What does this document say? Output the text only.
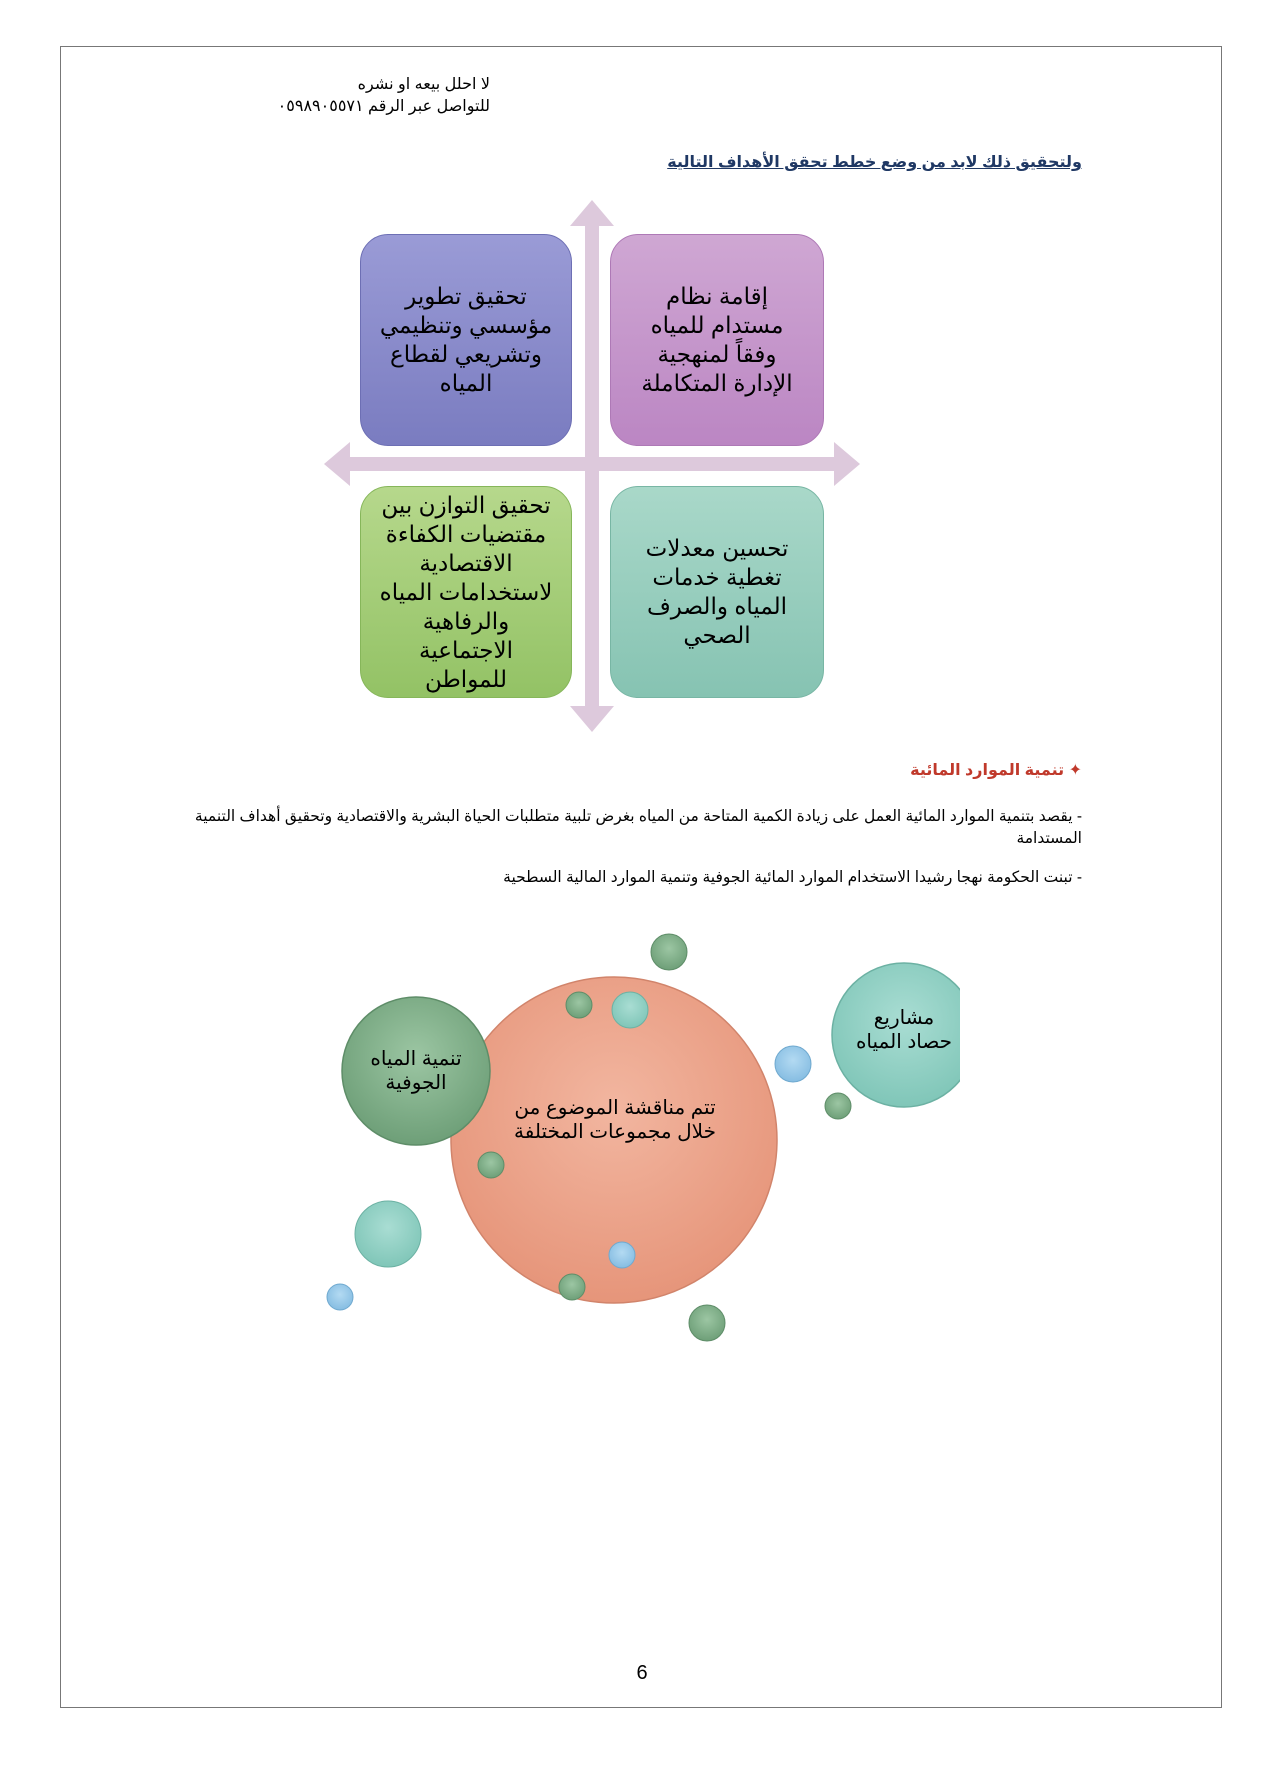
لا احلل بيعه او نشره
للتواصل عبر الرقم ٠٥٩٨٩٠٥٥٧١
ولتحقيق ذلك لابد من وضع خطط تحقق الأهداف التالية
تحقيق تطوير مؤسسي وتنظيمي وتشريعي لقطاع المياه
إقامة نظام مستدام للمياه وفقاً لمنهجية الإدارة المتكاملة
تحقيق التوازن بين مقتضيات الكفاءة الاقتصادية لاستخدامات المياه والرفاهية الاجتماعية للمواطن
تحسين معدلات تغطية خدمات المياه والصرف الصحي
✦ تنمية الموارد المائية
- يقصد بتنمية الموارد المائية العمل على زيادة الكمية المتاحة من المياه بغرض تلبية متطلبات الحياة البشرية والاقتصادية وتحقيق أهداف التنمية المستدامة
- تبنت الحكومة نهجا رشيدا الاستخدام الموارد المائية الجوفية وتنمية الموارد المالية السطحية
تتم مناقشة الموضوع من خلال مجموعات المختلفة
تنمية المياه الجوفية
مشاريع حصاد المياه
6
